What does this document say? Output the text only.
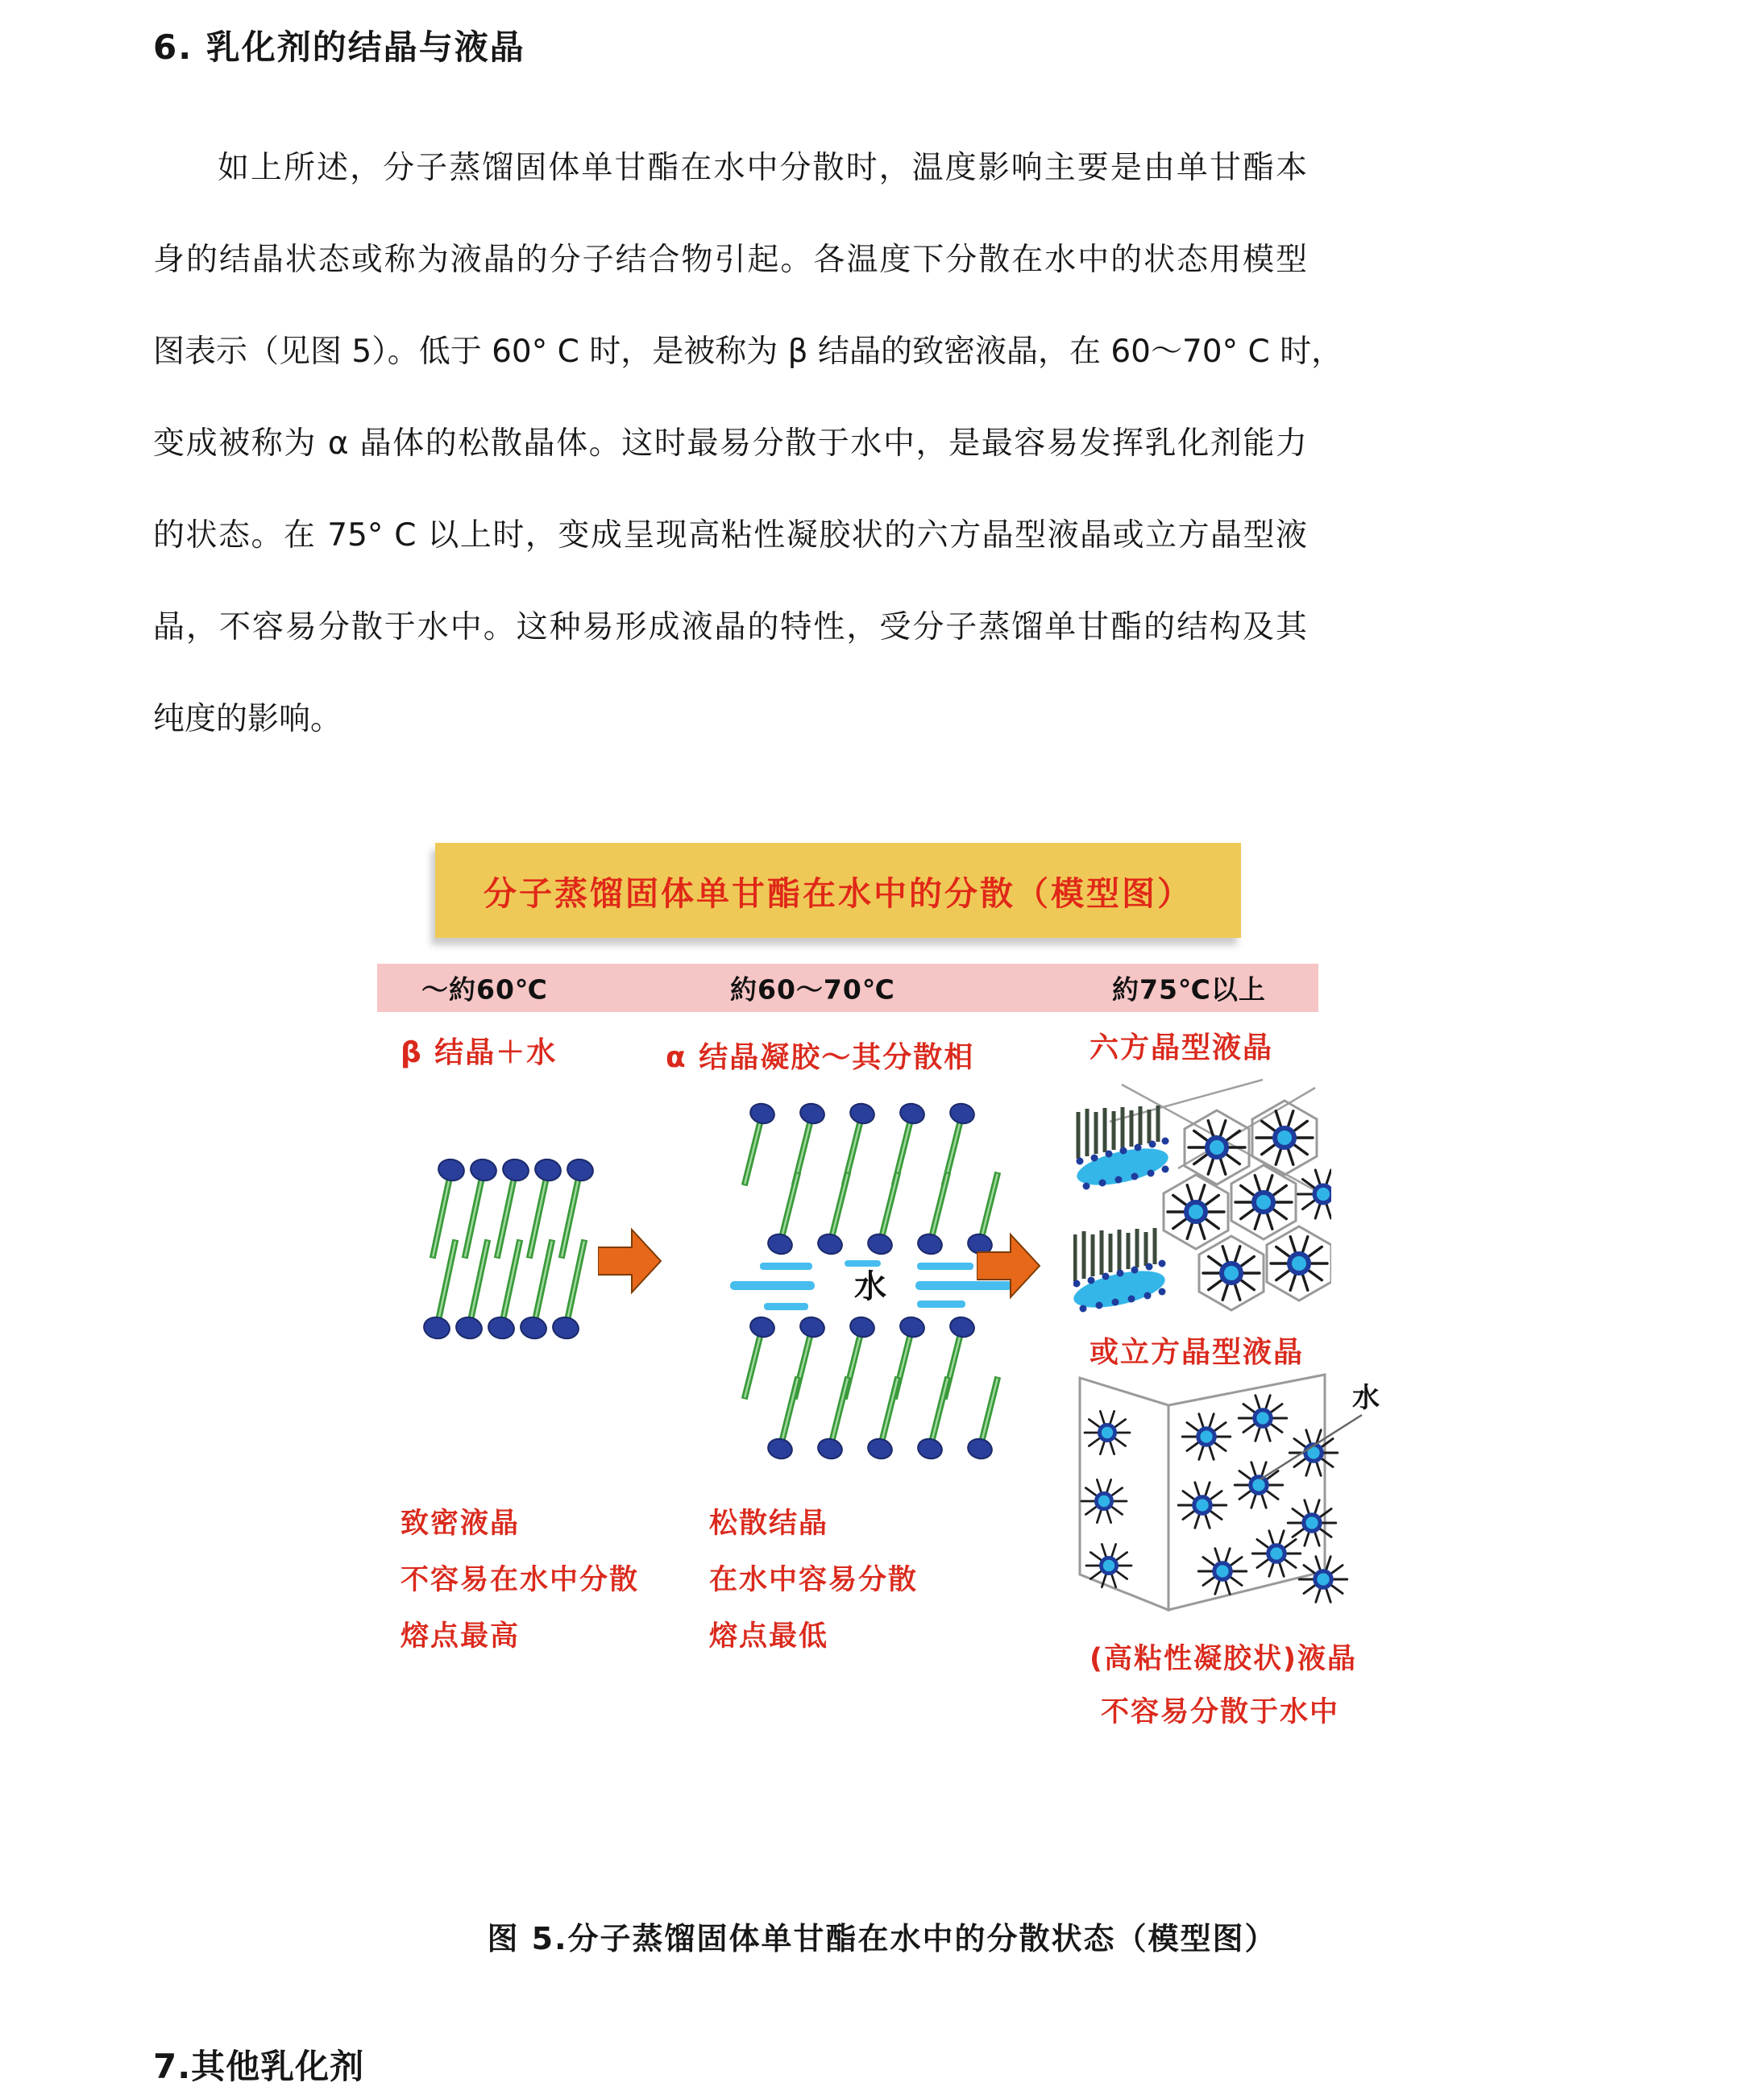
6. 乳化剂的结晶与液晶
如上所述，分子蒸馏固体单甘酯在水中分散时，温度影响主要是由单甘酯本
身的结晶状态或称为液晶的分子结合物引起。各温度下分散在水中的状态用模型
图表示（见图 5）。低于 60° C 时，是被称为 β 结晶的致密液晶，在 60～70° C 时，
变成被称为 α 晶体的松散晶体。这时最易分散于水中，是最容易发挥乳化剂能力
的状态。在 75° C 以上时，变成呈现高粘性凝胶状的六方晶型液晶或立方晶型液
晶，不容易分散于水中。这种易形成液晶的特性，受分子蒸馏单甘酯的结构及其
纯度的影响。
分子蒸馏固体单甘酯在水中的分散（模型图）
～約60℃	約60～70℃	約75℃以上
β 结晶＋水	α 结晶凝胶～其分散相	六方晶型液晶
水
或立方晶型液晶
水
致密液晶
不容易在水中分散
熔点最高
松散结晶
在水中容易分散
熔点最低
(高粘性凝胶状)液晶
不容易分散于水中
图 5.分子蒸馏固体单甘酯在水中的分散状态（模型图）
7.其他乳化剂
